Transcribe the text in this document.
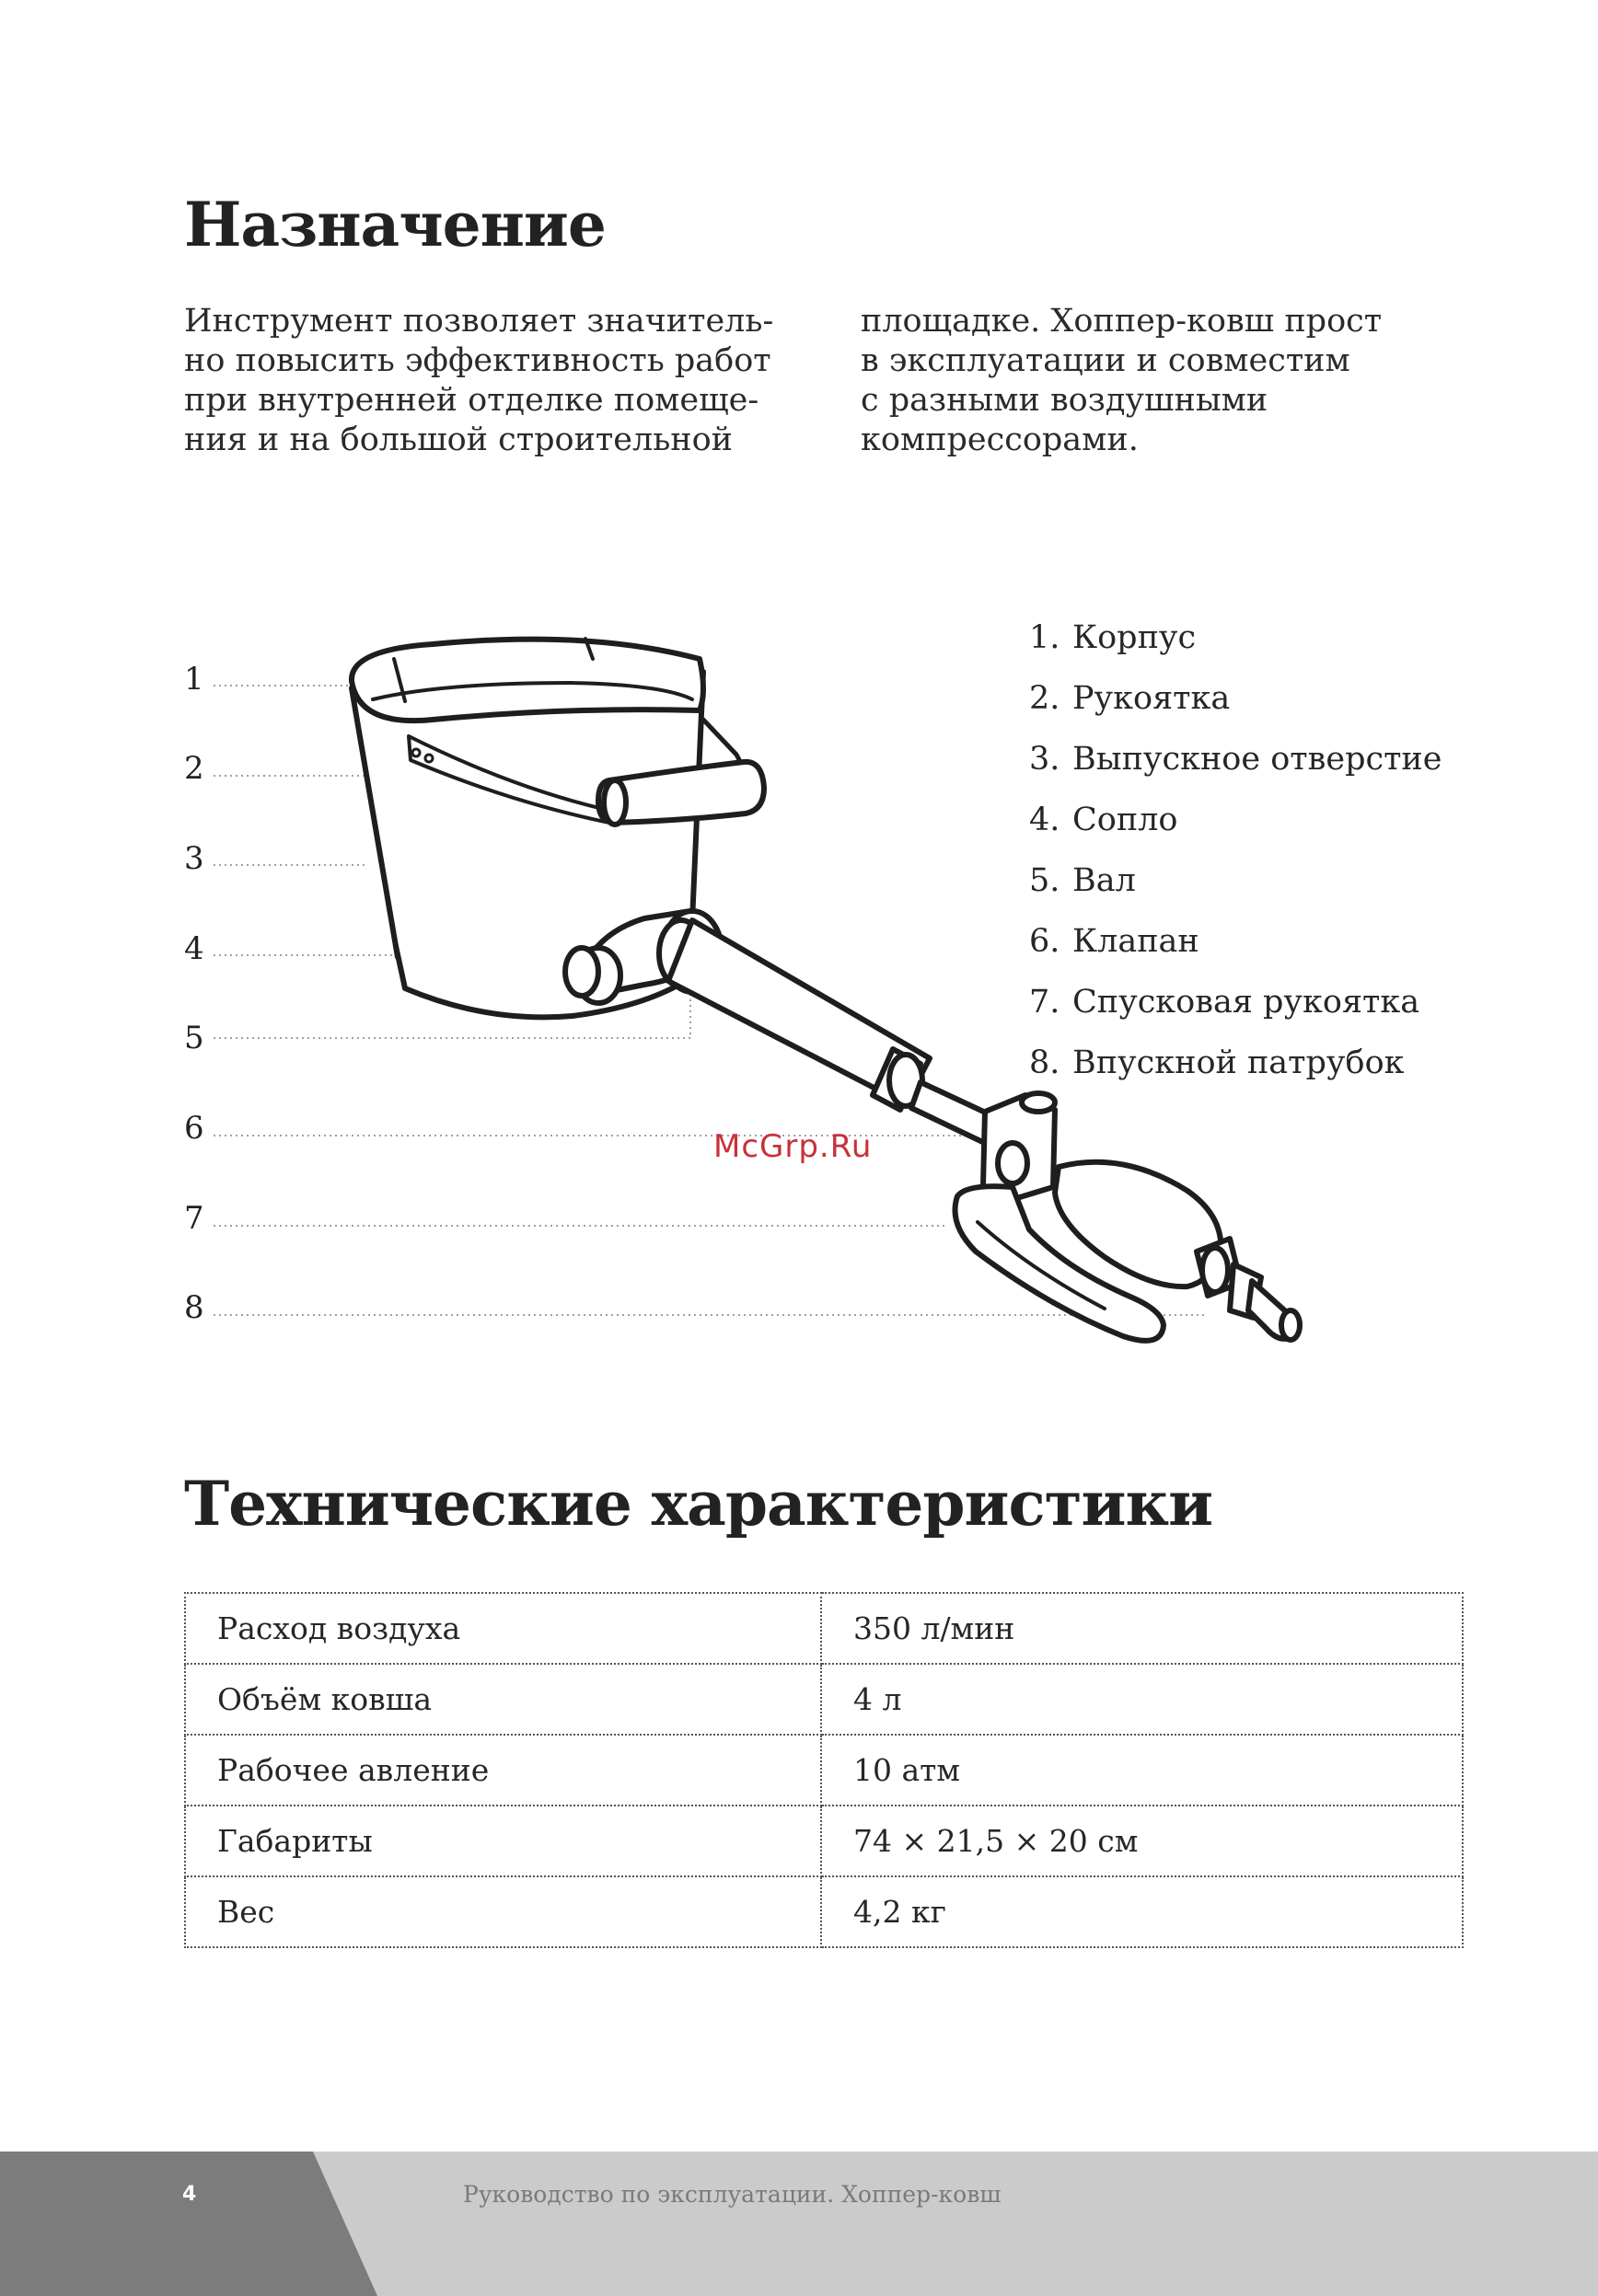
Назначение
Инструмент позволяет значитель-
но повысить эффективность работ
при внутренней отделке помеще-
ния и на большой строительной
площадке. Хоппер-ковш прост
в эксплуатации и совместим
с разными воздушными
компрессорами.
1
2
3
4
5
6
7
8
1. Корпус
2. Рукоятка
3. Выпускное отверстие
4. Сопло
5. Вал
6. Клапан
7. Спусковая рукоятка
8. Впускной патрубок
McGrp.Ru
Технические характеристики
Расход воздуха	350 л/мин
Объём ковша	4 л
Рабочее авление	10 атм
Габариты	74 × 21,5 × 20 см
Вес	4,2 кг
4	Руководство по эксплуатации. Хоппер-ковш
